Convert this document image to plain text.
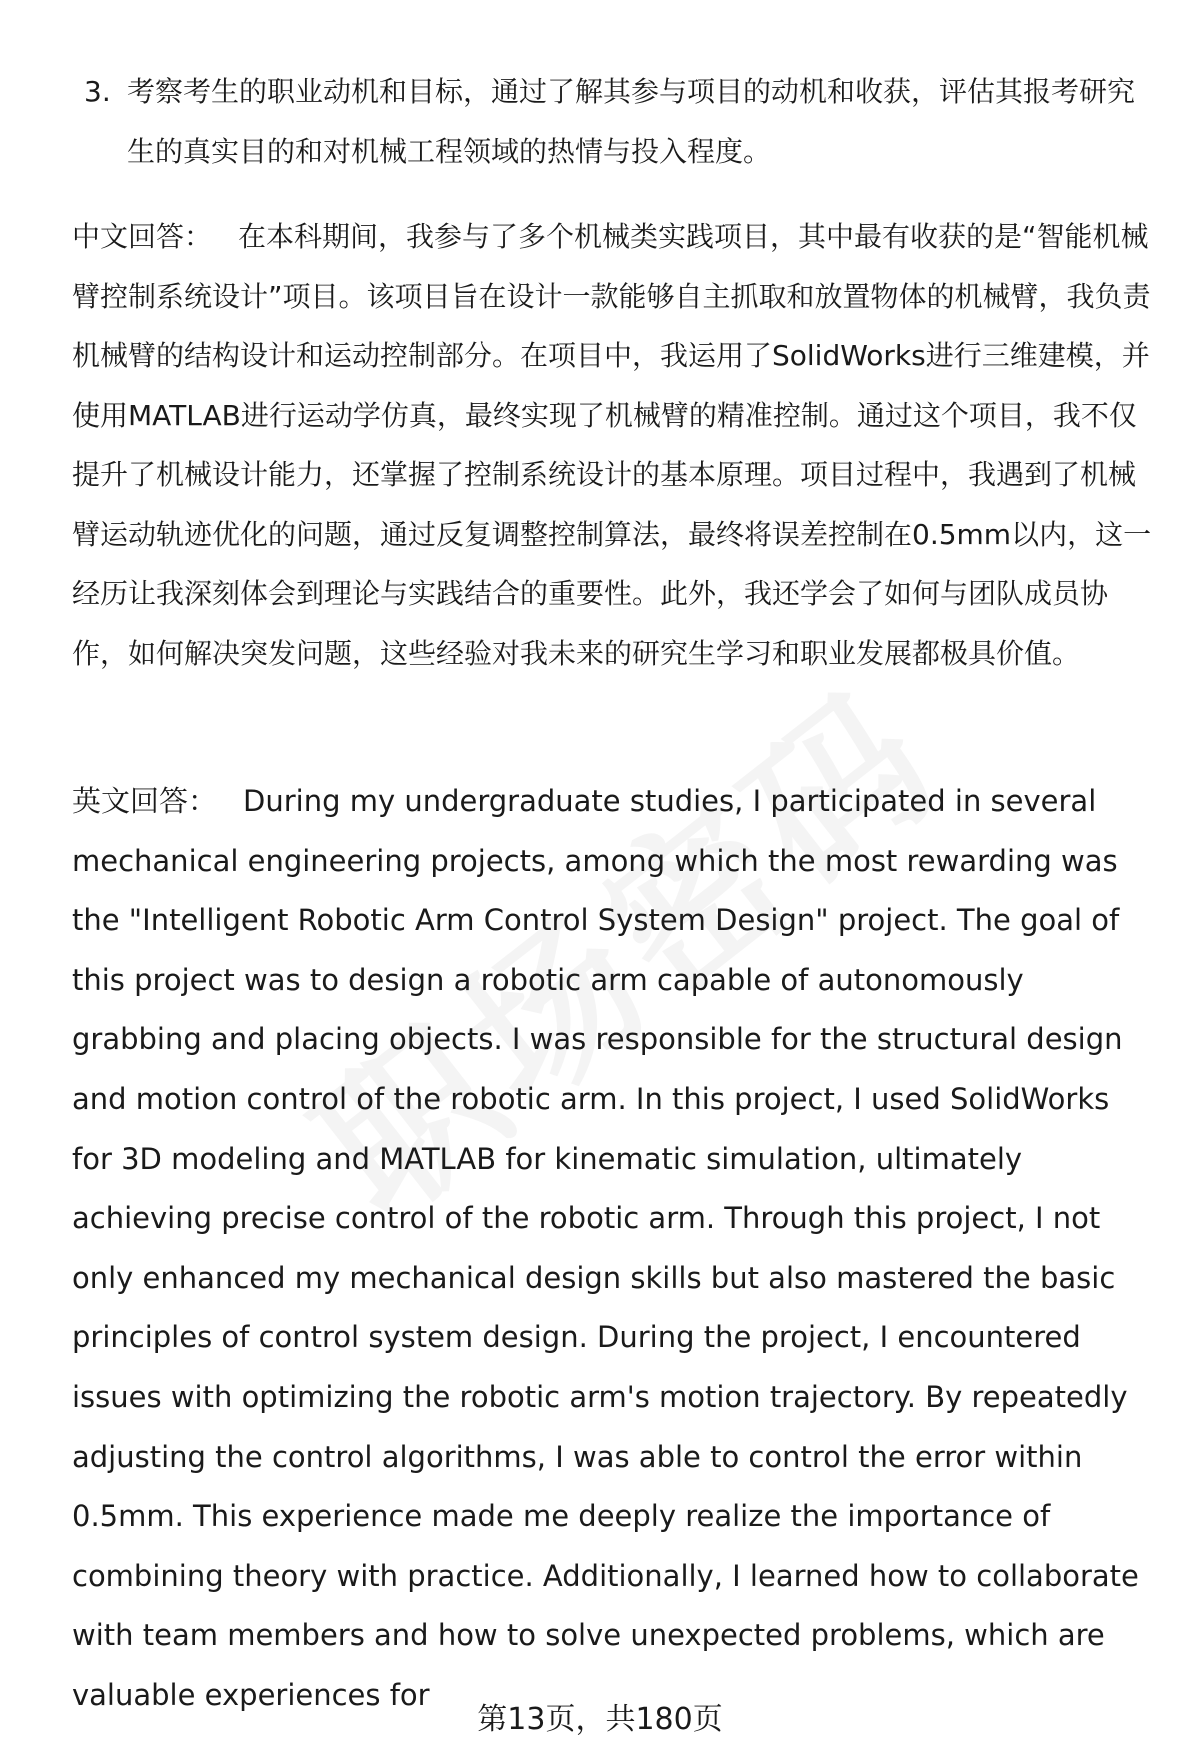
3. 考察考生的职业动机和目标，通过了解其参与项目的动机和收获，评估其报考研究生的真实目的和对机械工程领域的热情与投入程度。
中文回答： 在本科期间，我参与了多个机械类实践项目，其中最有收获的是“智能机械臂控制系统设计”项目。该项目旨在设计一款能够自主抓取和放置物体的机械臂，我负责机械臂的结构设计和运动控制部分。在项目中，我运用了SolidWorks进行三维建模，并使用MATLAB进行运动学仿真，最终实现了机械臂的精准控制。通过这个项目，我不仅提升了机械设计能力，还掌握了控制系统设计的基本原理。项目过程中，我遇到了机械臂运动轨迹优化的问题，通过反复调整控制算法，最终将误差控制在0.5mm以内，这一经历让我深刻体会到理论与实践结合的重要性。此外，我还学会了如何与团队成员协作，如何解决突发问题，这些经验对我未来的研究生学习和职业发展都极具价值。
英文回答： During my undergraduate studies, I participated in several mechanical engineering projects, among which the most rewarding was the "Intelligent Robotic Arm Control System Design" project. The goal of this project was to design a robotic arm capable of autonomously grabbing and placing objects. I was responsible for the structural design and motion control of the robotic arm. In this project, I used SolidWorks for 3D modeling and MATLAB for kinematic simulation, ultimately achieving precise control of the robotic arm. Through this project, I not only enhanced my mechanical design skills but also mastered the basic principles of control system design. During the project, I encountered issues with optimizing the robotic arm's motion trajectory. By repeatedly adjusting the control algorithms, I was able to control the error within 0.5mm. This experience made me deeply realize the importance of combining theory with practice. Additionally, I learned how to collaborate with team members and how to solve unexpected problems, which are valuable experiences for
第13页，共180页
